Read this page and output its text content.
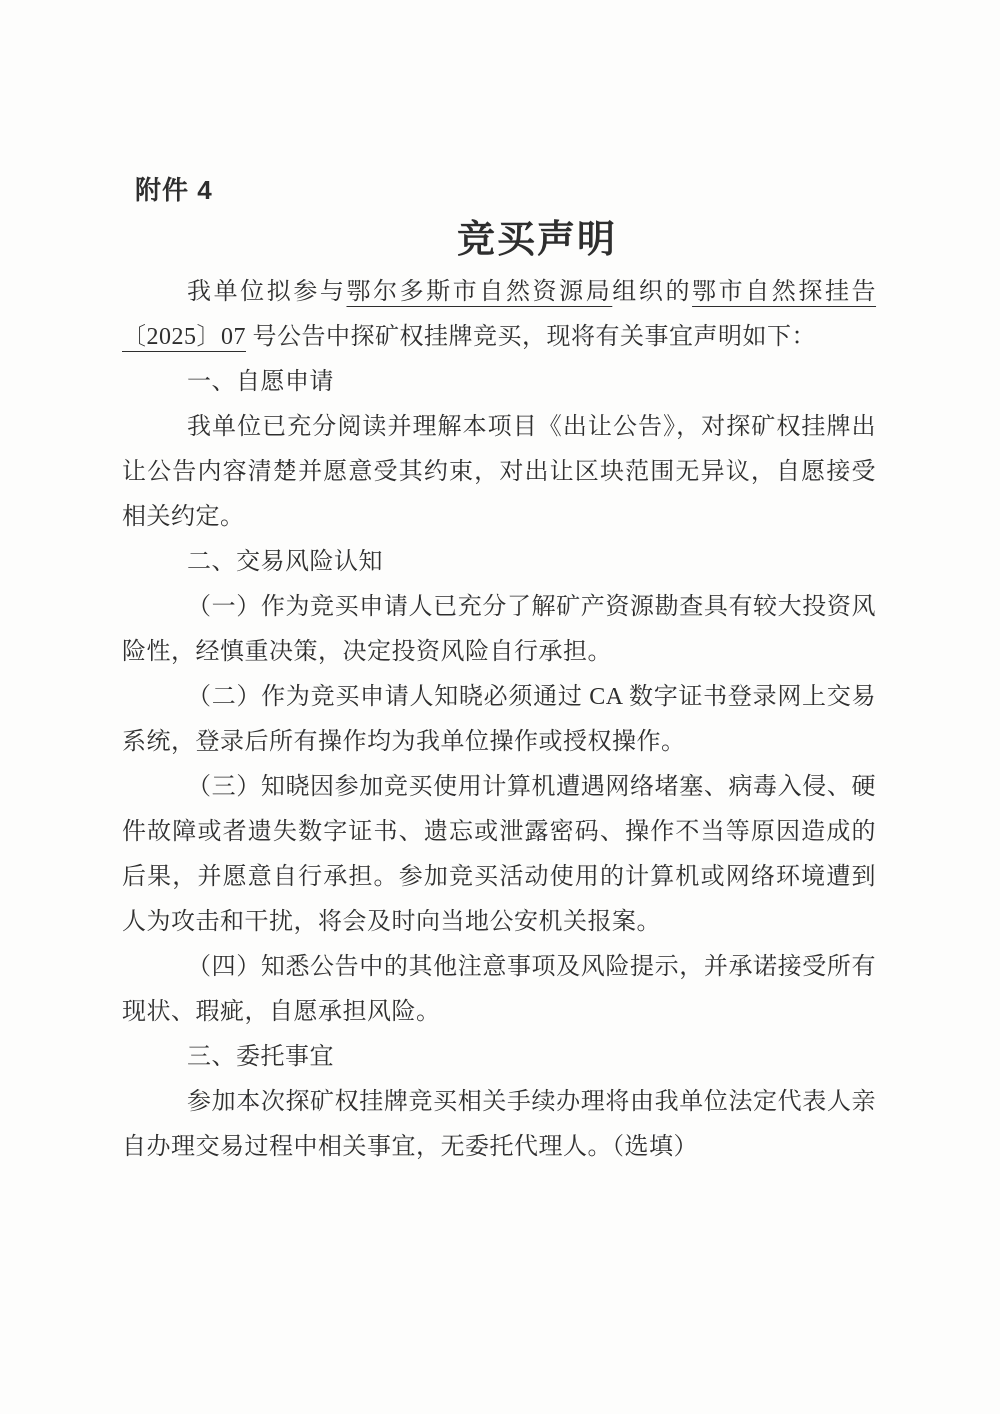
附件 4
竞买声明

我单位拟参与鄂尔多斯市自然资源局组织的鄂市自然探挂告〔2025〕07 号公告中探矿权挂牌竞买，现将有关事宜声明如下：

一、自愿申请

我单位已充分阅读并理解本项目《出让公告》，对探矿权挂牌出让公告内容清楚并愿意受其约束，对出让区块范围无异议，自愿接受相关约定。

二、交易风险认知

（一）作为竞买申请人已充分了解矿产资源勘查具有较大投资风险性，经慎重决策，决定投资风险自行承担。

（二）作为竞买申请人知晓必须通过 CA 数字证书登录网上交易系统，登录后所有操作均为我单位操作或授权操作。

（三）知晓因参加竞买使用计算机遭遇网络堵塞、病毒入侵、硬件故障或者遗失数字证书、遗忘或泄露密码、操作不当等原因造成的后果，并愿意自行承担。参加竞买活动使用的计算机或网络环境遭到人为攻击和干扰，将会及时向当地公安机关报案。

（四）知悉公告中的其他注意事项及风险提示，并承诺接受所有现状、瑕疵，自愿承担风险。

三、委托事宜

参加本次探矿权挂牌竞买相关手续办理将由我单位法定代表人亲自办理交易过程中相关事宜，无委托代理人。（选填）
